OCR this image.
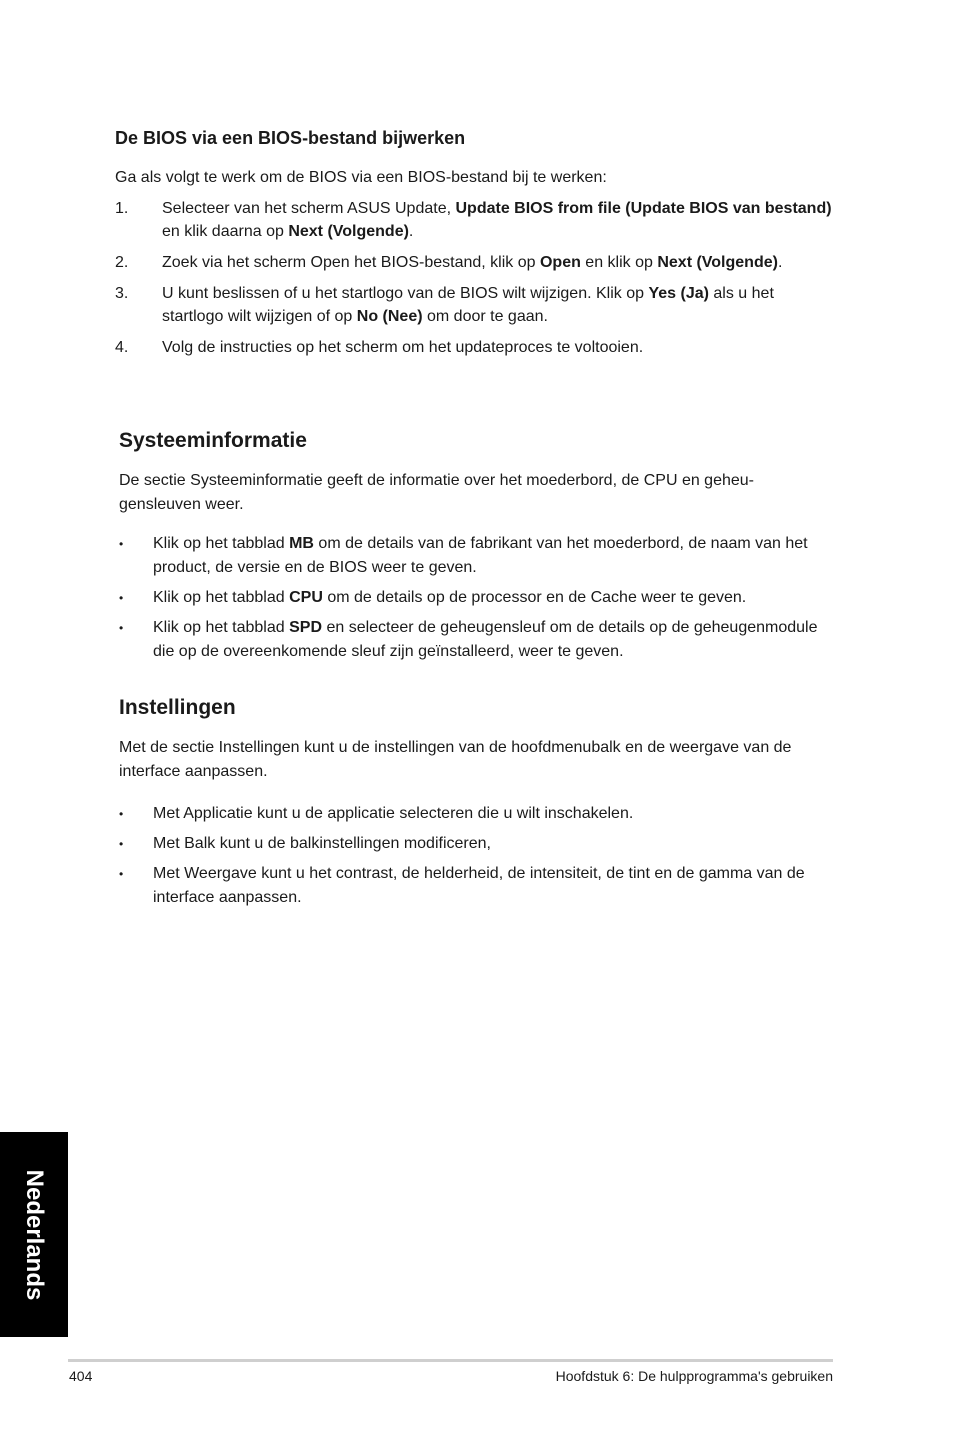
De BIOS via een BIOS-bestand bijwerken

Ga als volgt te werk om de BIOS via een BIOS-bestand bij te werken:

1. Selecteer van het scherm ASUS Update, Update BIOS from file (Update BIOS van bestand) en klik daarna op Next (Volgende).
2. Zoek via het scherm Open het BIOS-bestand, klik op Open en klik op Next (Volgende).
3. U kunt beslissen of u het startlogo van de BIOS wilt wijzigen. Klik op Yes (Ja) als u het startlogo wilt wijzigen of op No (Nee) om door te gaan.
4. Volg de instructies op het scherm om het updateproces te voltooien.
Systeeminformatie

De sectie Systeeminformatie geeft de informatie over het moederbord, de CPU en geheu-gensleuven weer.

• Klik op het tabblad MB om de details van de fabrikant van het moederbord, de naam van het product, de versie en de BIOS weer te geven.
• Klik op het tabblad CPU om de details op de processor en de Cache weer te geven.
• Klik op het tabblad SPD en selecteer de geheugensleuf om de details op de geheugenmodule die op de overeenkomende sleuf zijn geïnstalleerd, weer te geven.
Instellingen

Met de sectie Instellingen kunt u de instellingen van de hoofdmenubalk en de weergave van de interface aanpassen.

• Met Applicatie kunt u de applicatie selecteren die u wilt inschakelen.
• Met Balk kunt u de balkinstellingen modificeren,
• Met Weergave kunt u het contrast, de helderheid, de intensiteit, de tint en de gamma van de interface aanpassen.
Nederlands
404	Hoofdstuk 6: De hulpprogramma's gebruiken
